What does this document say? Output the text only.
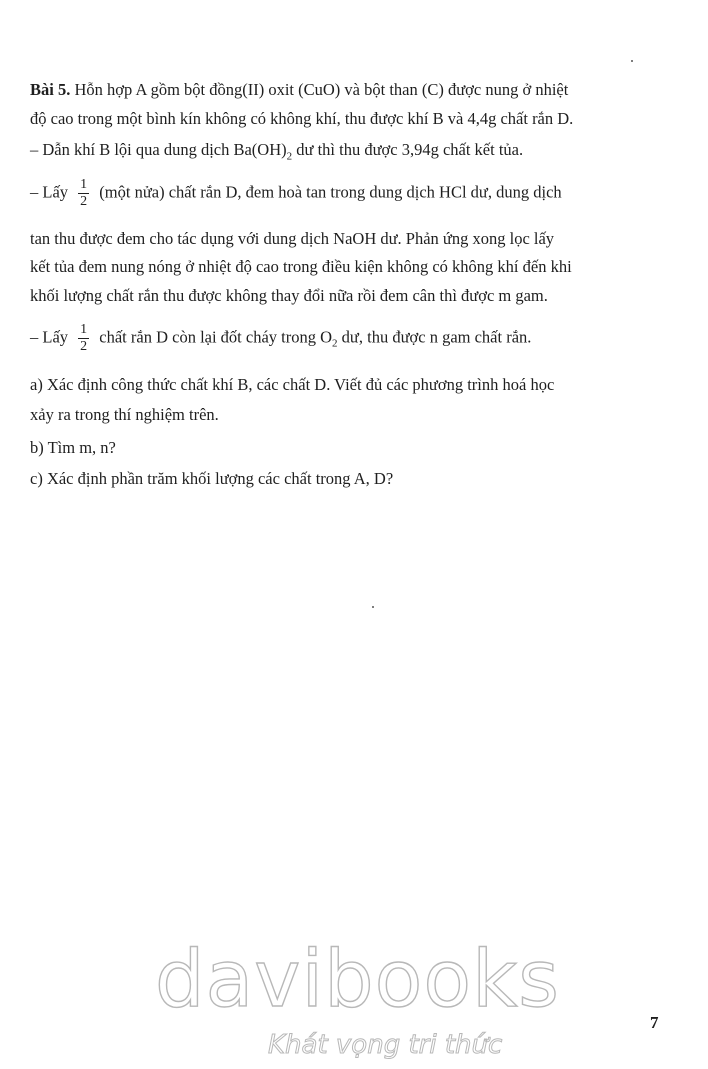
Bài 5. Hỗn hợp A gồm bột đồng(II) oxit (CuO) và bột than (C) được nung ở nhiệt
độ cao trong một bình kín không có không khí, thu được khí B và 4,4g chất rắn D.
– Dẫn khí B lội qua dung dịch $Ba(OH)_2$ dư thì thu được 3,94g chất kết tủa.
– Lấy $\frac{1}{2}$ (một nửa) chất rắn D, đem hoà tan trong dung dịch HCl dư, dung dịch
tan thu được đem cho tác dụng với dung dịch NaOH dư. Phản ứng xong lọc lấy
kết tủa đem nung nóng ở nhiệt độ cao trong điều kiện không có không khí đến khi
khối lượng chất rắn thu được không thay đổi nữa rồi đem cân thì được m gam.
– Lấy $\frac{1}{2}$ chất rắn D còn lại đốt cháy trong $O_2$ dư, thu được n gam chất rắn.
a) Xác định công thức chất khí B, các chất D. Viết đủ các phương trình hoá học
xảy ra trong thí nghiệm trên.
b) Tìm m, n?
c) Xác định phần trăm khối lượng các chất trong A, D?
davibooks
Khát vọng tri thức
7
